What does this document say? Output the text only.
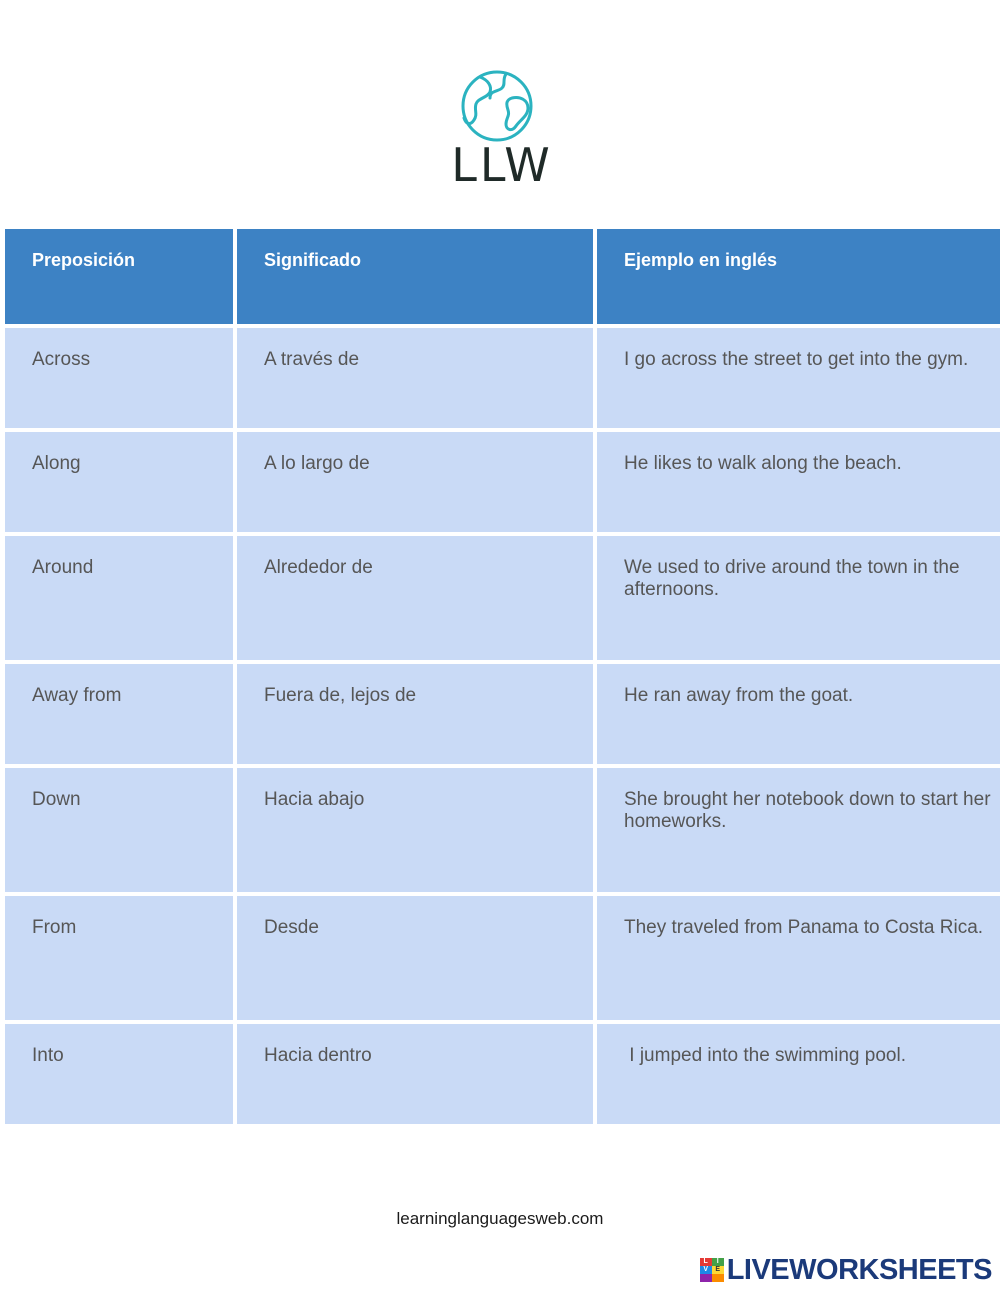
LLW
Preposición	Significado	Ejemplo en inglés
Across	A través de	I go across the street to get into the gym.
Along	A lo largo de	He likes to walk along the beach.
Around	Alrededor de	We used to drive around the town in the afternoons.
Away from	Fuera de, lejos de	He ran away from the goat.
Down	Hacia abajo	She brought her notebook down to start her homeworks.
From	Desde	They traveled from Panama to Costa Rica.
Into	Hacia dentro	I jumped into the swimming pool.
learninglanguagesweb.com
L	I
V	E LIVEWORKSHEETS
